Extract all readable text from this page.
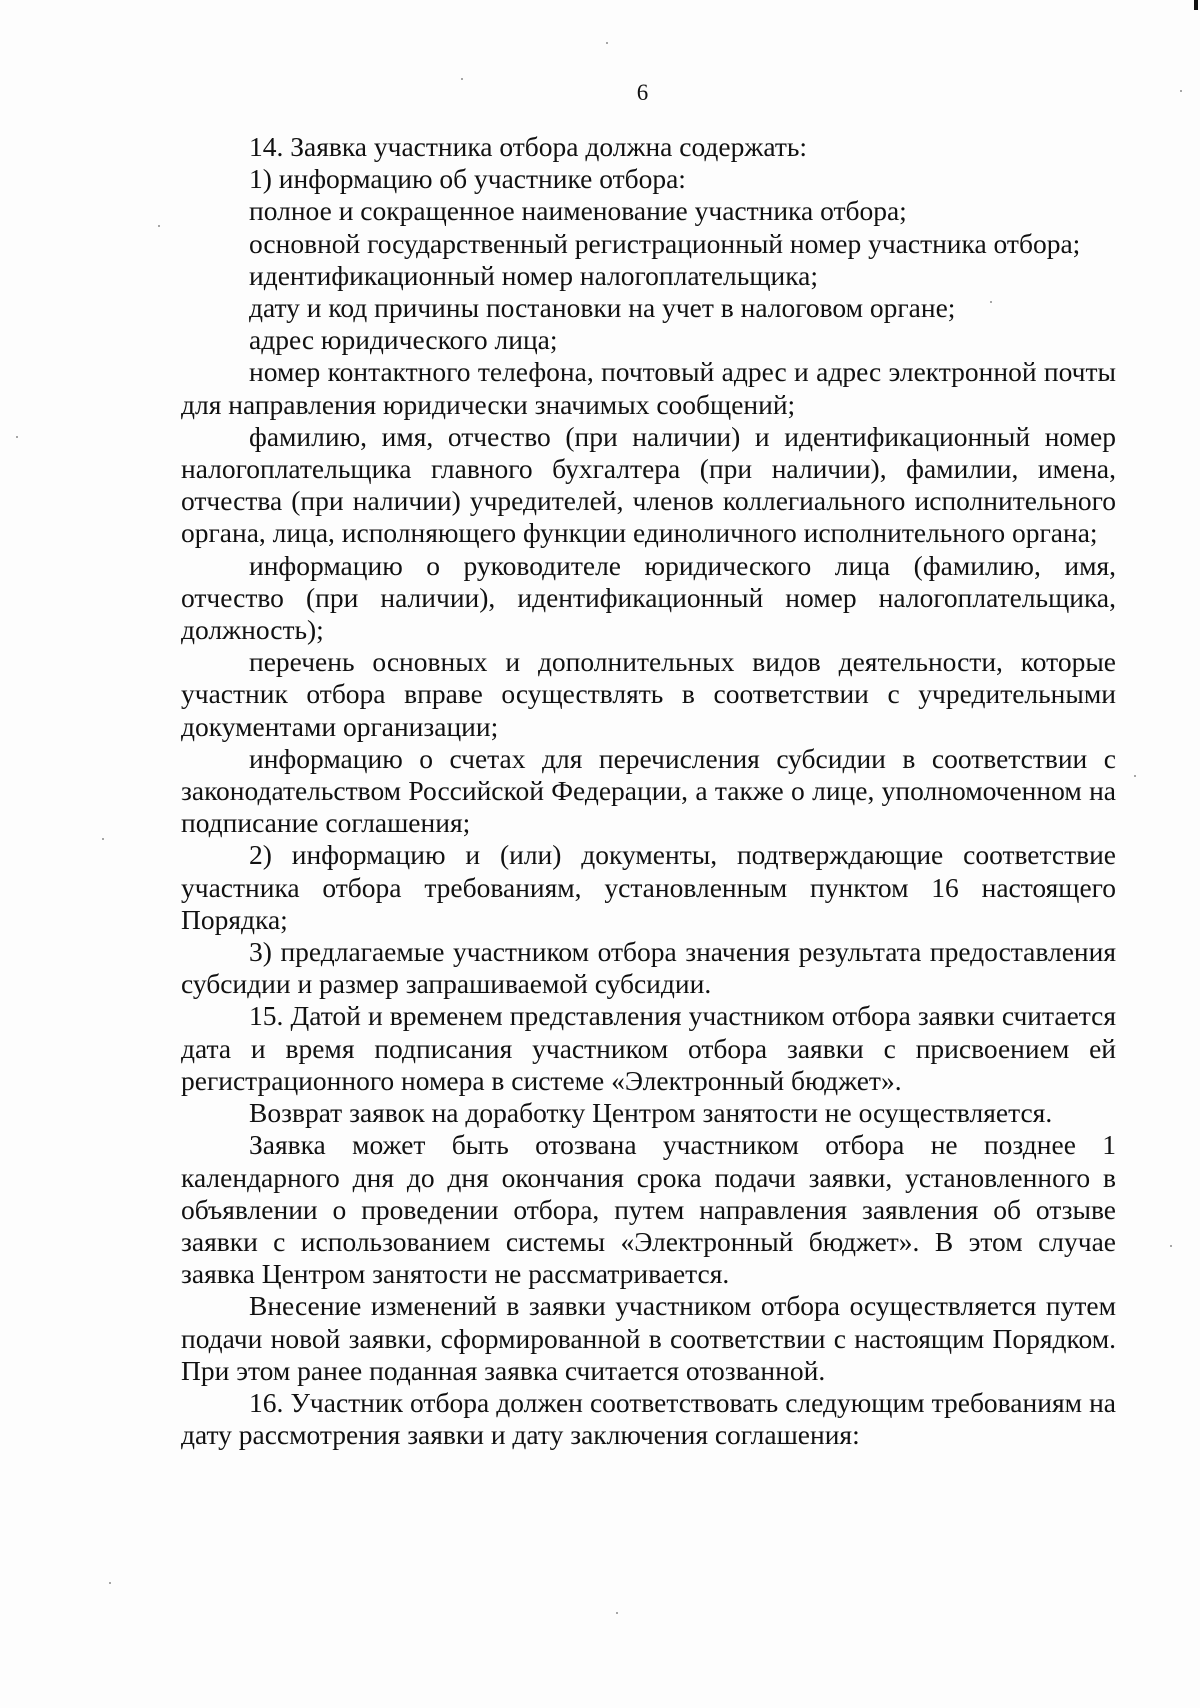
6

14. Заявка участника отбора должна содержать:

1) информацию об участнике отбора:

полное и сокращенное наименование участника отбора;

основной государственный регистрационный номер участника отбора;

идентификационный номер налогоплательщика;

дату и код причины постановки на учет в налоговом органе;

адрес юридического лица;

номер контактного телефона, почтовый адрес и адрес электронной почты для направления юридически значимых сообщений;

фамилию, имя, отчество (при наличии) и идентификационный номер налогоплательщика главного бухгалтера (при наличии), фамилии, имена, отчества (при наличии) учредителей, членов коллегиального исполнительного органа, лица, исполняющего функции единоличного исполнительного органа;

информацию о руководителе юридического лица (фамилию, имя, отчество (при наличии), идентификационный номер налогоплательщика, должность);

перечень основных и дополнительных видов деятельности, которые участник отбора вправе осуществлять в соответствии с учредительными документами организации;

информацию о счетах для перечисления субсидии в соответствии с законодательством Российской Федерации, а также о лице, уполномоченном на подписание соглашения;

2) информацию и (или) документы, подтверждающие соответствие участника отбора требованиям, установленным пунктом 16 настоящего Порядка;

3) предлагаемые участником отбора значения результата предоставления субсидии и размер запрашиваемой субсидии.

15. Датой и временем представления участником отбора заявки считается дата и время подписания участником отбора заявки с присвоением ей регистрационного номера в системе «Электронный бюджет».

Возврат заявок на доработку Центром занятости не осуществляется.

Заявка может быть отозвана участником отбора не позднее 1 календарного дня до дня окончания срока подачи заявки, установленного в объявлении о проведении отбора, путем направления заявления об отзыве заявки с использованием системы «Электронный бюджет». В этом случае заявка Центром занятости не рассматривается.

Внесение изменений в заявки участником отбора осуществляется путем подачи новой заявки, сформированной в соответствии с настоящим Порядком. При этом ранее поданная заявка считается отозванной.

16. Участник отбора должен соответствовать следующим требованиям на дату рассмотрения заявки и дату заключения соглашения:
